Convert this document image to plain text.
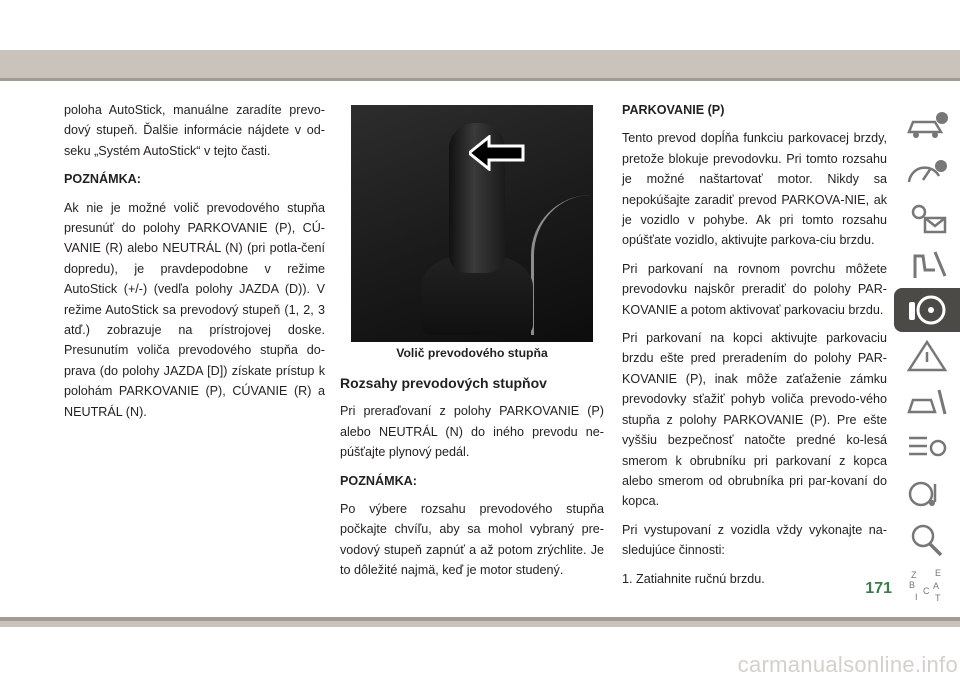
poloha AutoStick, manuálne zaradíte prevo-dový stupeň. Ďalšie informácie nájdete v od-seku „Systém AutoStick“ v tejto časti.

POZNÁMKA:

Ak nie je možné volič prevodového stupňa presunúť do polohy PARKOVANIE (P), CÚ-VANIE (R) alebo NEUTRÁL (N) (pri potla-čení dopredu), je pravdepodobne v režime AutoStick (+/-) (vedľa polohy JAZDA (D)). V režime AutoStick sa prevodový stupeň (1, 2, 3 atď.) zobrazuje na prístrojovej doske. Presunutím voliča prevodového stupňa do-prava (do polohy JAZDA [D]) získate prístup k polohám PARKOVANIE (P), CÚVANIE (R) a NEUTRÁL (N).

Volič prevodového stupňa

Rozsahy prevodových stupňov

Pri preraďovaní z polohy PARKOVANIE (P) alebo NEUTRÁL (N) do iného prevodu ne-púšťajte plynový pedál.

POZNÁMKA:

Po výbere rozsahu prevodového stupňa počkajte chvíľu, aby sa mohol vybraný pre-vodový stupeň zapnúť a až potom zrýchlite. Je to dôležité najmä, keď je motor studený.

PARKOVANIE (P)

Tento prevod dopĺňa funkciu parkovacej brzdy, pretože blokuje prevodovku. Pri tomto rozsahu je možné naštartovať motor. Nikdy sa nepokúšajte zaradiť prevod PARKOVA-NIE, ak je vozidlo v pohybe. Ak pri tomto rozsahu opúšťate vozidlo, aktivujte parkova-ciu brzdu.

Pri parkovaní na rovnom povrchu môžete prevodovku najskôr preradiť do polohy PAR-KOVANIE a potom aktivovať parkovaciu brzdu.

Pri parkovaní na kopci aktivujte parkovaciu brzdu ešte pred preradením do polohy PAR-KOVANIE (P), inak môže zaťaženie zámku prevodovky sťažiť pohyb voliča prevodo-vého stupňa z polohy PARKOVANIE (P). Pre ešte vyššiu bezpečnosť natočte predné ko-lesá smerom k obrubníku pri parkovaní z kopca alebo smerom od obrubníka pri par-kovaní do kopca.

Pri vystupovaní z vozidla vždy vykonajte na-sledujúce činnosti:

1. Zatiahnite ručnú brzdu.	Z E
B A
I
C
T
171
carmanualsonline.info
